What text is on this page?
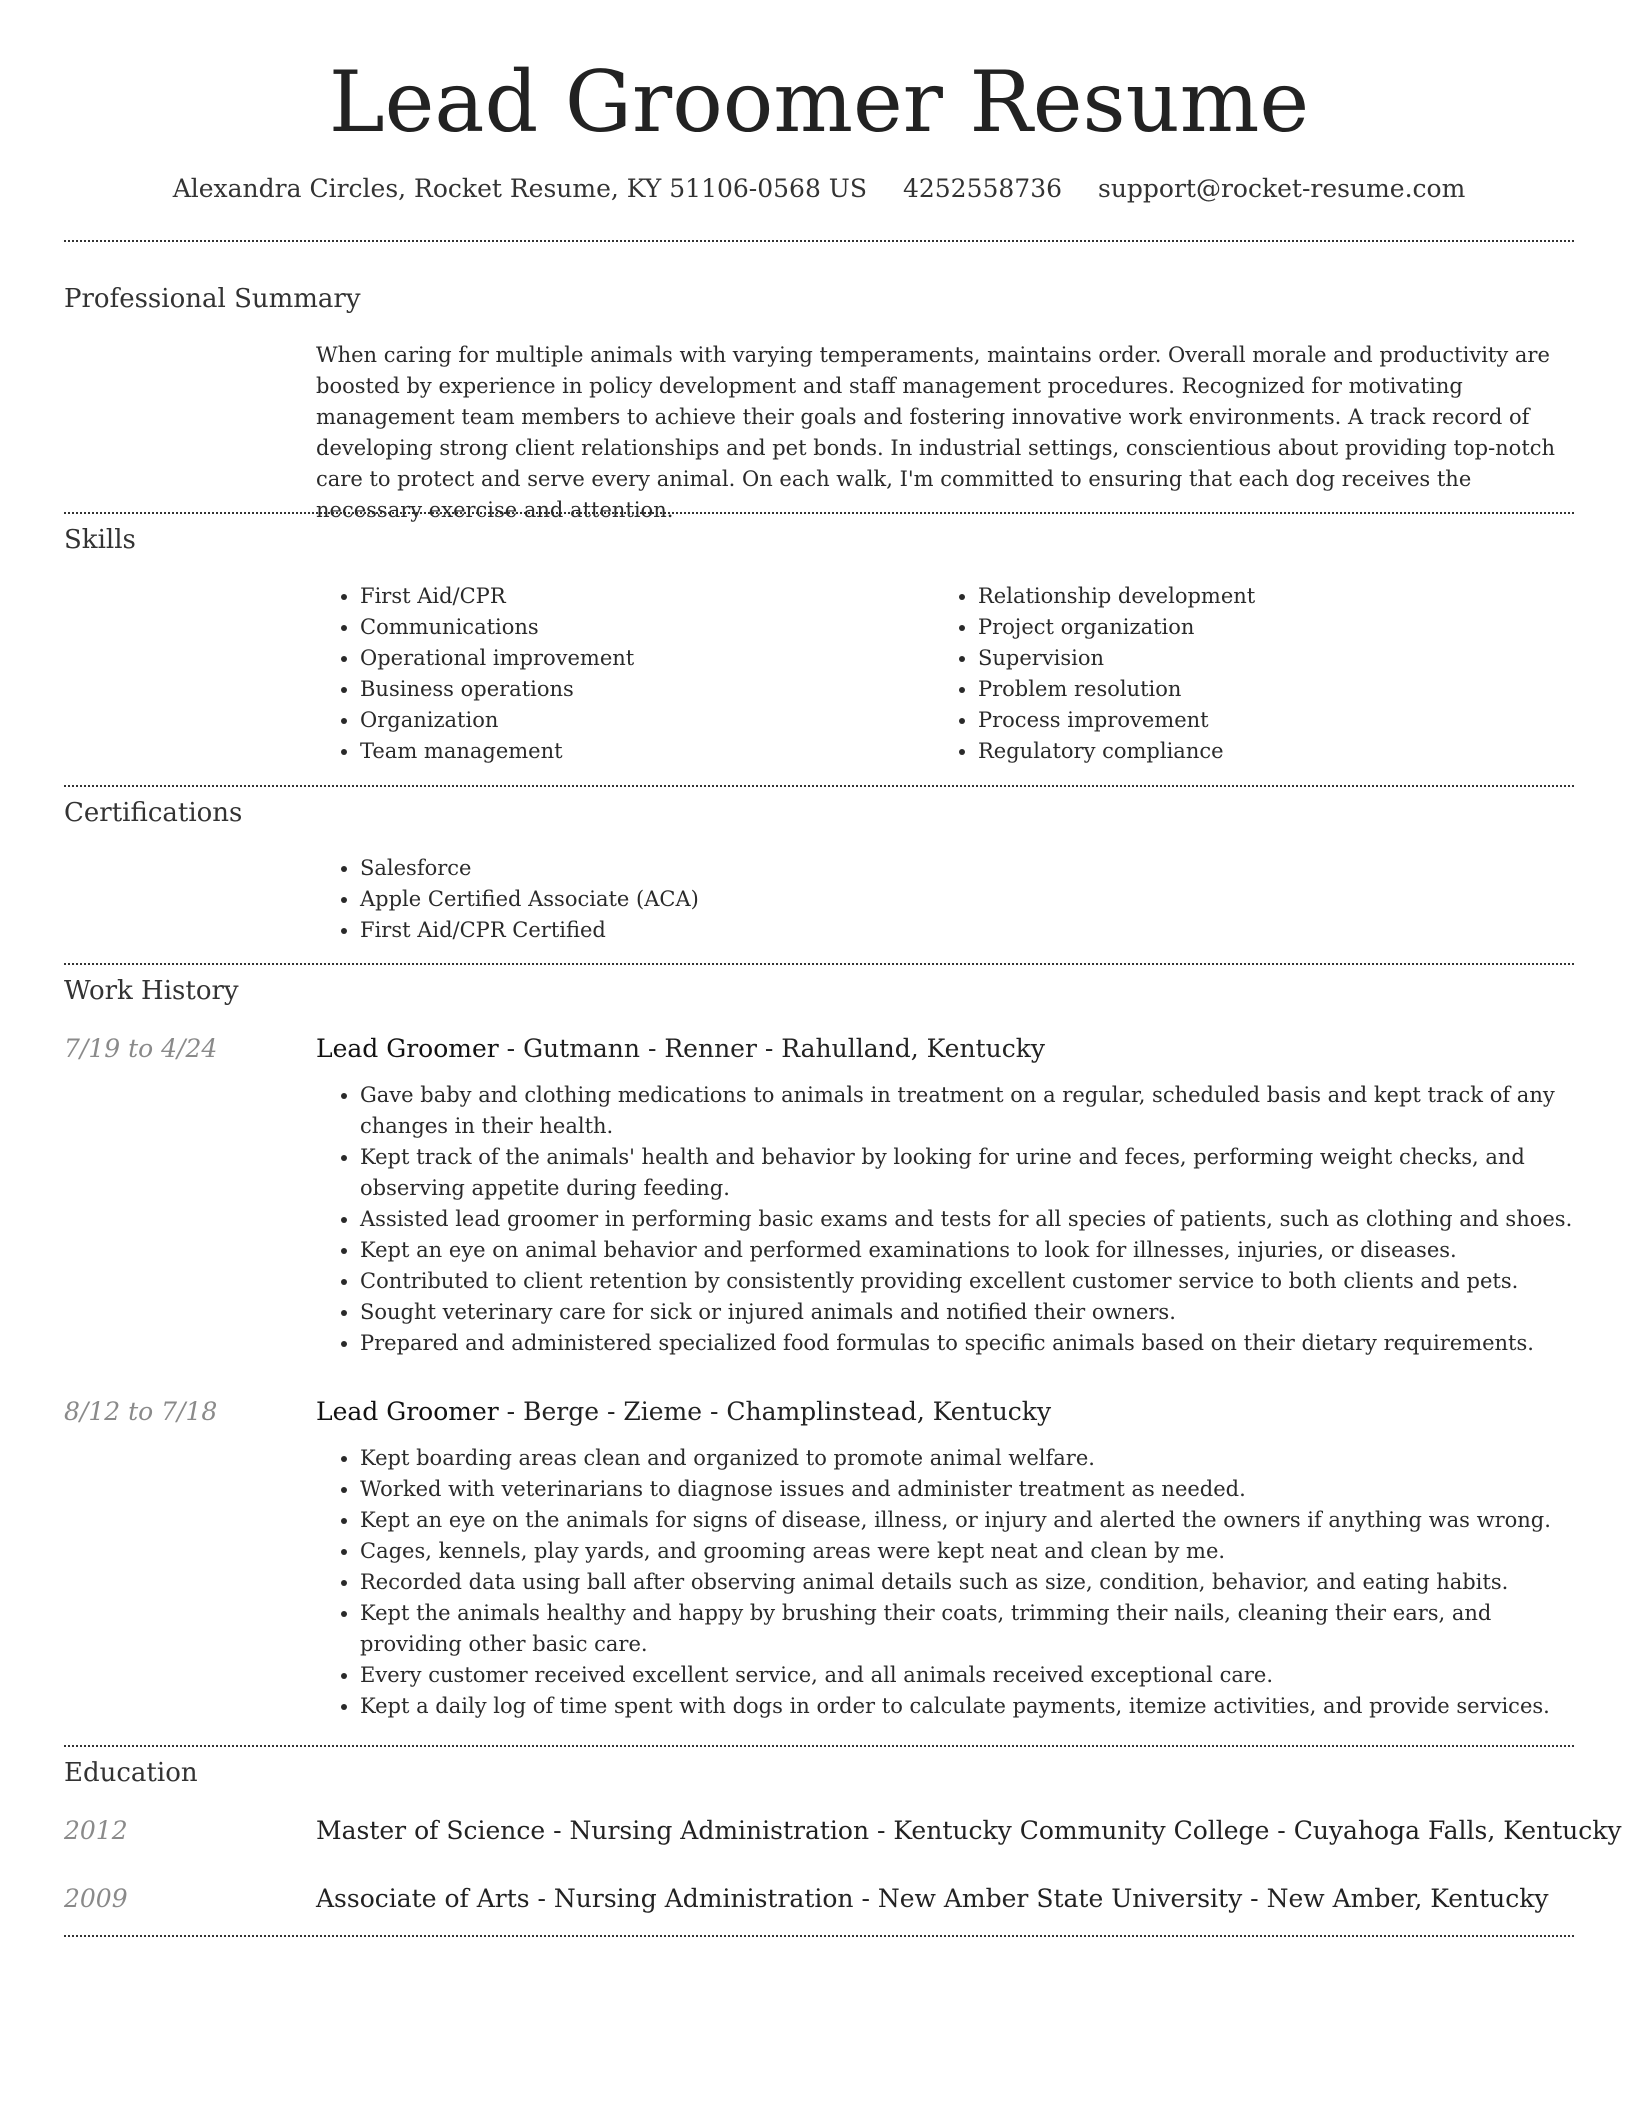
Lead Groomer Resume
Alexandra Circles, Rocket Resume, KY 51106-0568 US 4252558736 support@rocket-resume.com
Professional Summary

When caring for multiple animals with varying temperaments, maintains order. Overall morale and productivity are boosted by experience in policy development and staff management procedures. Recognized for motivating management team members to achieve their goals and fostering innovative work environments. A track record of developing strong client relationships and pet bonds. In industrial settings, conscientious about providing top-notch care to protect and serve every animal. On each walk, I'm committed to ensuring that each dog receives the necessary exercise and attention.

Skills
• First Aid/CPR
• Communications
• Operational improvement
• Business operations
• Organization
• Team management
• Relationship development
• Project organization
• Supervision
• Problem resolution
• Process improvement
• Regulatory compliance
Certifications
• Salesforce
• Apple Certified Associate (ACA)
• First Aid/CPR Certified
Work History
7/19 to 4/24	Lead Groomer - Gutmann - Renner - Rahulland, Kentucky

• Gave baby and clothing medications to animals in treatment on a regular, scheduled basis and kept track of any changes in their health.
• Kept track of the animals' health and behavior by looking for urine and feces, performing weight checks, and observing appetite during feeding.
• Assisted lead groomer in performing basic exams and tests for all species of patients, such as clothing and shoes.
• Kept an eye on animal behavior and performed examinations to look for illnesses, injuries, or diseases.
• Contributed to client retention by consistently providing excellent customer service to both clients and pets.
• Sought veterinary care for sick or injured animals and notified their owners.
• Prepared and administered specialized food formulas to specific animals based on their dietary requirements.
8/12 to 7/18	Lead Groomer - Berge - Zieme - Champlinstead, Kentucky

• Kept boarding areas clean and organized to promote animal welfare.
• Worked with veterinarians to diagnose issues and administer treatment as needed.
• Kept an eye on the animals for signs of disease, illness, or injury and alerted the owners if anything was wrong.
• Cages, kennels, play yards, and grooming areas were kept neat and clean by me.
• Recorded data using ball after observing animal details such as size, condition, behavior, and eating habits.
• Kept the animals healthy and happy by brushing their coats, trimming their nails, cleaning their ears, and providing other basic care.
• Every customer received excellent service, and all animals received exceptional care.
• Kept a daily log of time spent with dogs in order to calculate payments, itemize activities, and provide services.
Education
2012	Master of Science - Nursing Administration - Kentucky Community College - Cuyahoga Falls, Kentucky

2009	Associate of Arts - Nursing Administration - New Amber State University - New Amber, Kentucky
